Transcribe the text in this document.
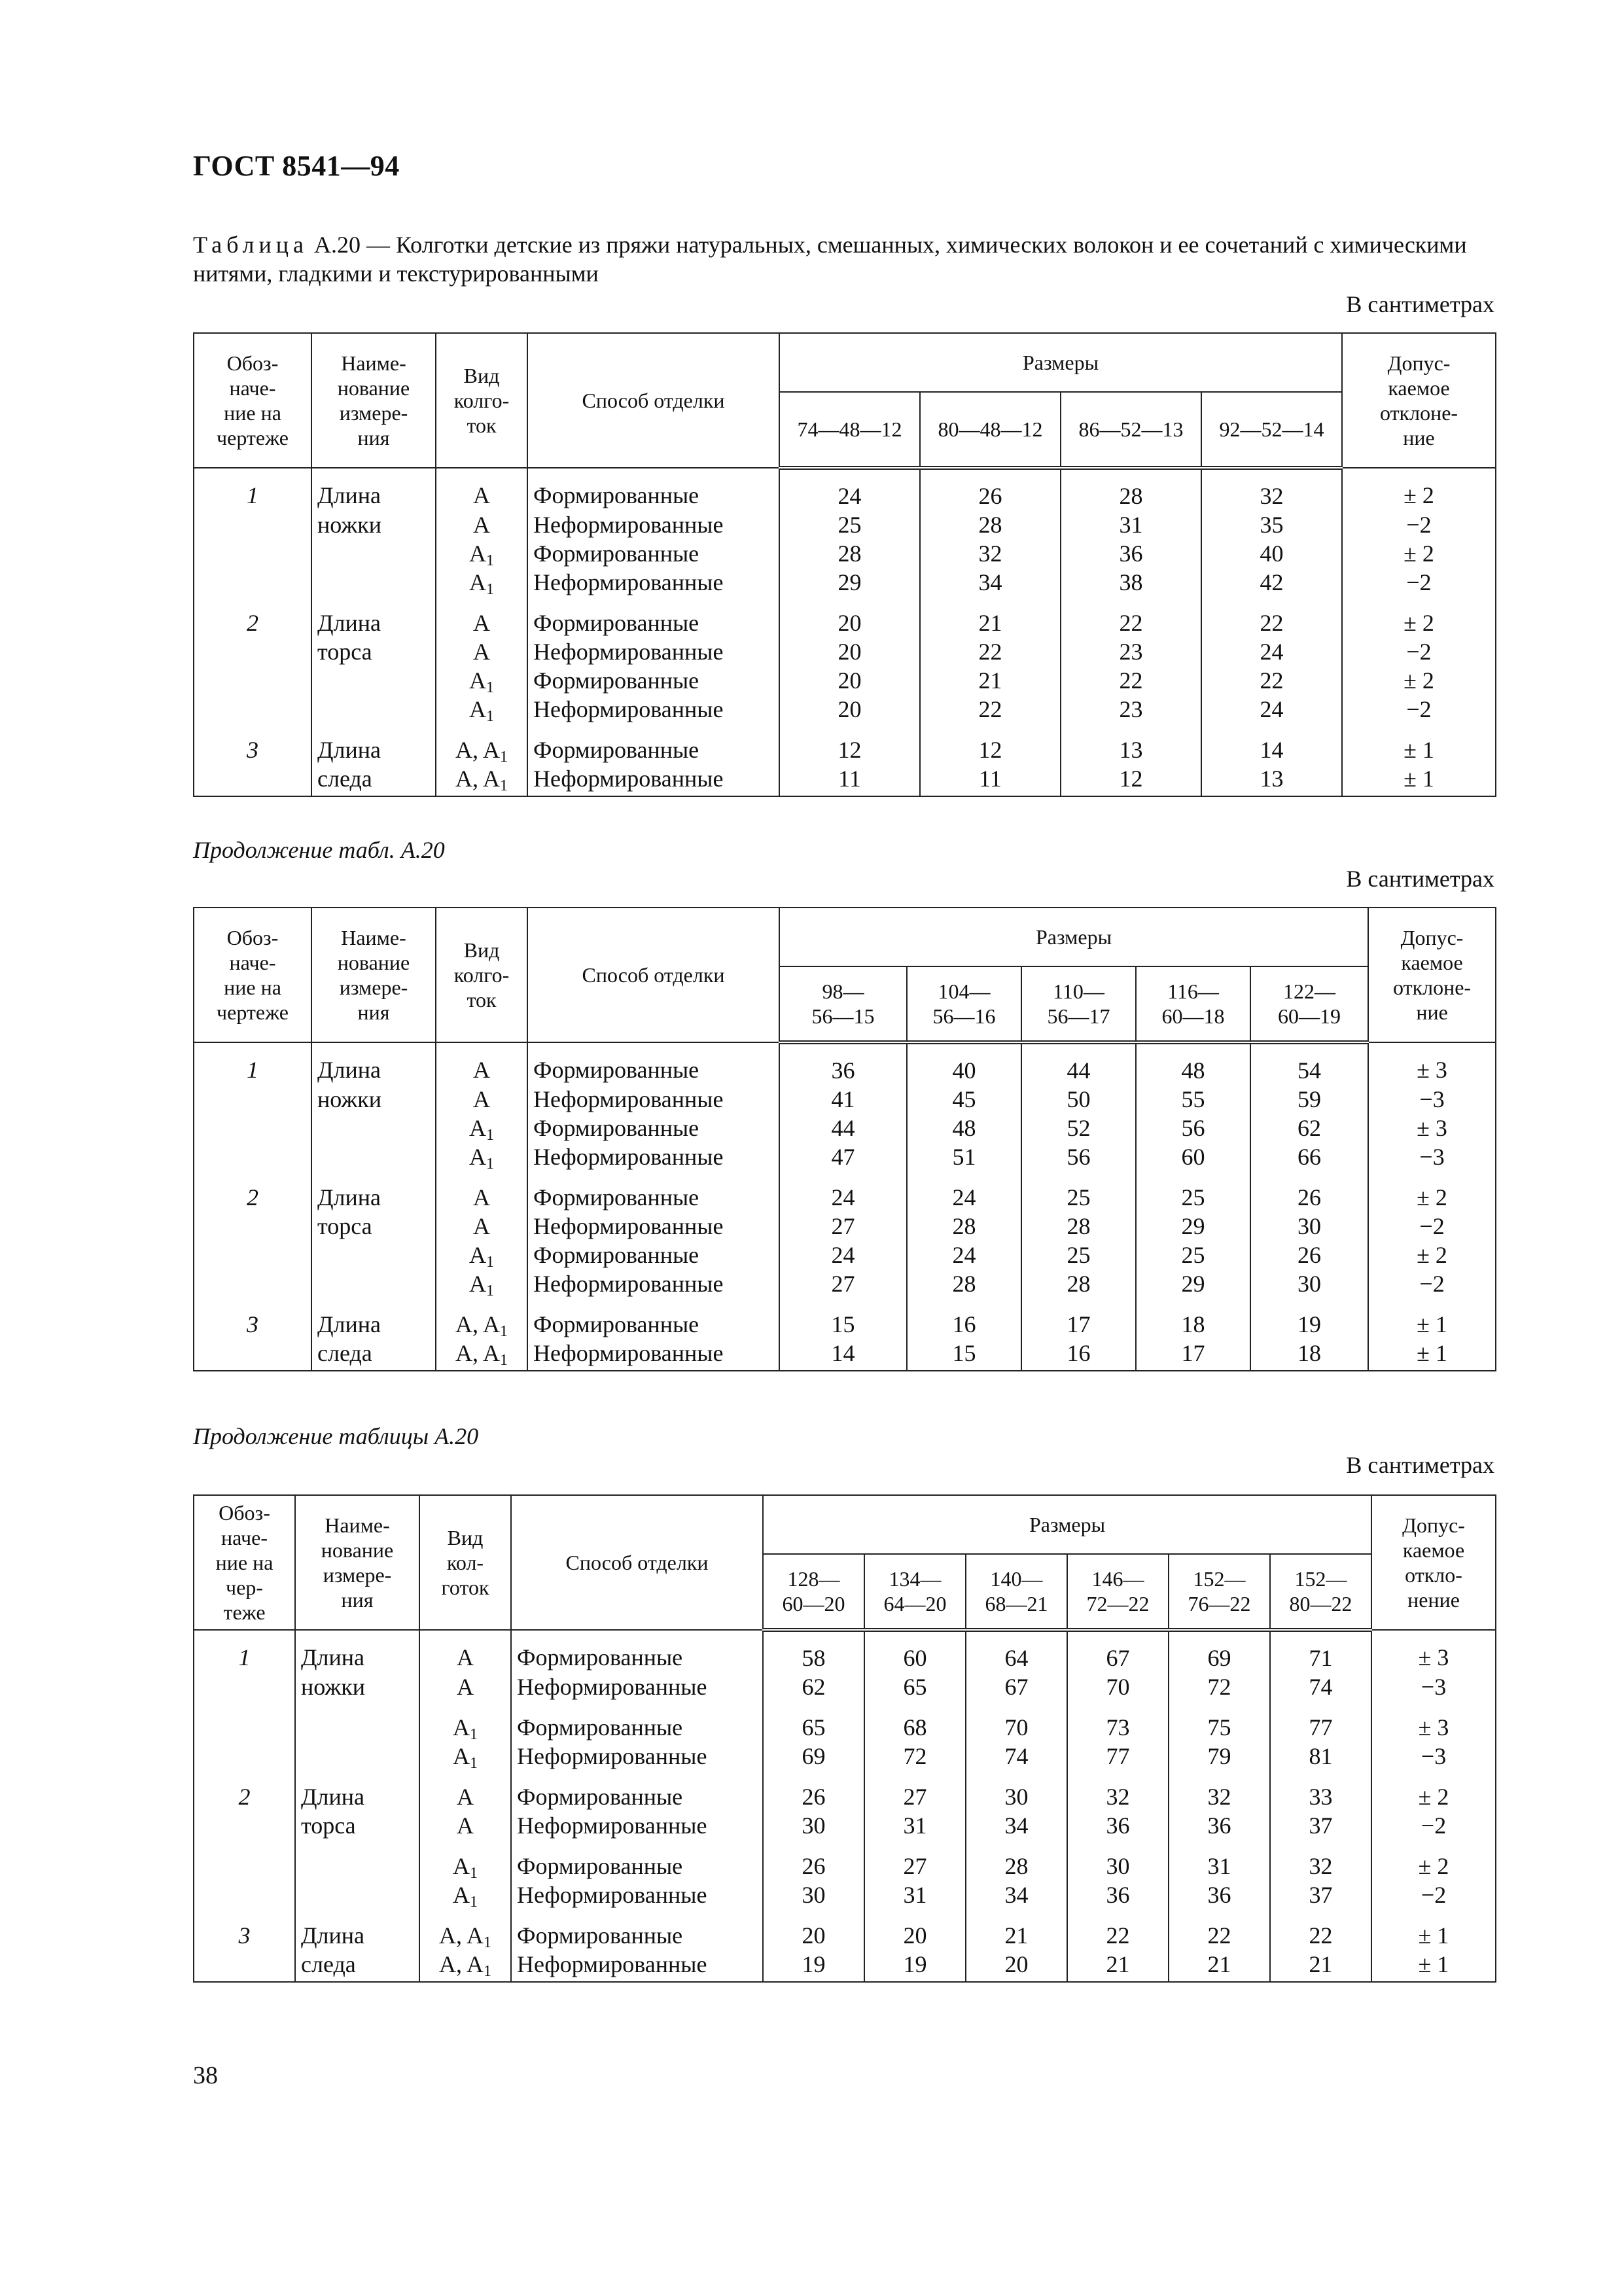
ГОСТ 8541—94
Таблица А.20 — Колготки детские из пряжи натуральных, смешанных, химических волокон и ее сочетаний с химическими нитями, гладкими и текстурированными
В сантиметрах
Обоз-
наче-
ние на
чертеже	Наиме-
нование
измере-
ния	Вид
колго-
ток	Способ отделки	Размеры				Допус-
каемое
отклоне-
ние
				74—48—12	80—48—12	86—52—13	92—52—14	
1	Длина	A	Формированные	24	26	28	32	± 2
	ножки	A	Неформированные	25	28	31	35	−2
		$A_1$	Формированные	28	32	36	40	± 2
		$A_1$	Неформированные	29	34	38	42	−2
2	Длина	A	Формированные	20	21	22	22	± 2
	торса	A	Неформированные	20	22	23	24	−2
		$A_1$	Формированные	20	21	22	22	± 2
		$A_1$	Неформированные	20	22	23	24	−2
3	Длина	A, $A_1$	Формированные	12	12	13	14	± 1
	следа	A, $A_1$	Неформированные	11	11	12	13	± 1
Продолжение табл. А.20
В сантиметрах
Обоз-
наче-
ние на
чертеже	Наиме-
нование
измере-
ния	Вид
колго-
ток	Способ отделки	Размеры					Допус-
каемое
отклоне-
ние
				98—
56—15	104—
56—16	110—
56—17	116—
60—18	122—
60—19	
1	Длина	A	Формированные	36	40	44	48	54	± 3
	ножки	A	Неформированные	41	45	50	55	59	−3
		$A_1$	Формированные	44	48	52	56	62	± 3
		$A_1$	Неформированные	47	51	56	60	66	−3
2	Длина	A	Формированные	24	24	25	25	26	± 2
	торса	A	Неформированные	27	28	28	29	30	−2
		$A_1$	Формированные	24	24	25	25	26	± 2
		$A_1$	Неформированные	27	28	28	29	30	−2
3	Длина	A, $A_1$	Формированные	15	16	17	18	19	± 1
	следа	A, $A_1$	Неформированные	14	15	16	17	18	± 1
Продолжение таблицы А.20
В сантиметрах
Обоз-
наче-
ние на
чер-
теже	Наиме-
нование
измере-
ния	Вид
кол-
готок	Способ отделки	Размеры						Допус-
каемое
откло-
нение
				128—
60—20	134—
64—20	140—
68—21	146—
72—22	152—
76—22	152—
80—22	
1	Длина	A	Формированные	58	60	64	67	69	71	± 3
	ножки	A	Неформированные	62	65	67	70	72	74	−3
		$A_1$	Формированные	65	68	70	73	75	77	± 3
		$A_1$	Неформированные	69	72	74	77	79	81	−3
2	Длина	A	Формированные	26	27	30	32	32	33	± 2
	торса	A	Неформированные	30	31	34	36	36	37	−2
		$A_1$	Формированные	26	27	28	30	31	32	± 2
		$A_1$	Неформированные	30	31	34	36	36	37	−2
3	Длина	A, $A_1$	Формированные	20	20	21	22	22	22	± 1
	следа	A, $A_1$	Неформированные	19	19	20	21	21	21	± 1
38
